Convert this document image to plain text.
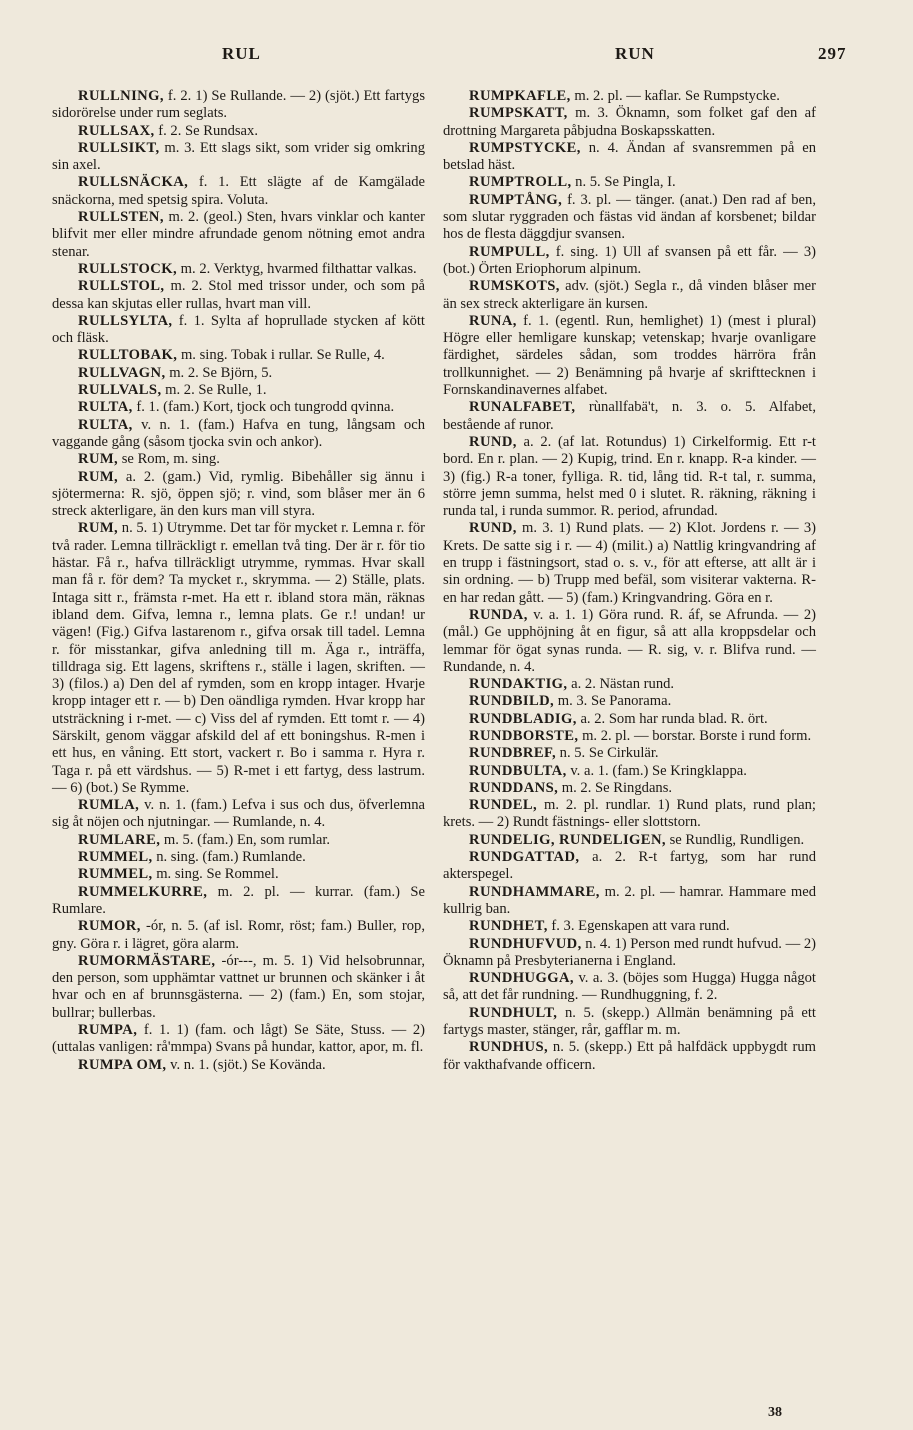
RUL	RUN	297

RULLNING, f. 2. 1) Se Rullande. — 2) (sjöt.) Ett fartygs sidorörelse under rum seglats.

RULLSAX, f. 2. Se Rundsax.

RULLSIKT, m. 3. Ett slags sikt, som vrider sig omkring sin axel.

RULLSNÄCKA, f. 1. Ett slägte af de Kamgälade snäckorna, med spetsig spira. Voluta.

RULLSTEN, m. 2. (geol.) Sten, hvars vinklar och kanter blifvit mer eller mindre afrundade genom nötning emot andra stenar.

RULLSTOCK, m. 2. Verktyg, hvarmed filthattar valkas.

RULLSTOL, m. 2. Stol med trissor under, och som på dessa kan skjutas eller rullas, hvart man vill.

RULLSYLTA, f. 1. Sylta af hoprullade stycken af kött och fläsk.

RULLTOBAK, m. sing. Tobak i rullar. Se Rulle, 4.

RULLVAGN, m. 2. Se Björn, 5.

RULLVALS, m. 2. Se Rulle, 1.

RULTA, f. 1. (fam.) Kort, tjock och tungrodd qvinna.

RULTA, v. n. 1. (fam.) Hafva en tung, långsam och vaggande gång (såsom tjocka svin och ankor).

RUM, se Rom, m. sing.

RUM, a. 2. (gam.) Vid, rymlig. Bibehåller sig ännu i sjötermerna: R. sjö, öppen sjö; r. vind, som blåser mer än 6 streck akterligare, än den kurs man vill styra.

RUM, n. 5. 1) Utrymme. Det tar för mycket r. Lemna r. för två rader. Lemna tillräckligt r. emellan två ting. Der är r. för tio hästar. Få r., hafva tillräckligt utrymme, rymmas. Hvar skall man få r. för dem? Ta mycket r., skrymma. — 2) Ställe, plats. Intaga sitt r., främsta r-met. Ha ett r. ibland stora män, räknas ibland dem. Gifva, lemna r., lemna plats. Ge r.! undan! ur vägen! (Fig.) Gifva lastarenom r., gifva orsak till tadel. Lemna r. för misstankar, gifva anledning till m. Äga r., inträffa, tilldraga sig. Ett lagens, skriftens r., ställe i lagen, skriften. — 3) (filos.) a) Den del af rymden, som en kropp intager. Hvarje kropp intager ett r. — b) Den oändliga rymden. Hvar kropp har utsträckning i r-met. — c) Viss del af rymden. Ett tomt r. — 4) Särskilt, genom väggar afskild del af ett boningshus. R-men i ett hus, en våning. Ett stort, vackert r. Bo i samma r. Hyra r. Taga r. på ett värdshus. — 5) R-met i ett fartyg, dess lastrum. — 6) (bot.) Se Rymme.

RUMLA, v. n. 1. (fam.) Lefva i sus och dus, öfverlemna sig åt nöjen och njutningar. — Rumlande, n. 4.

RUMLARE, m. 5. (fam.) En, som rumlar.

RUMMEL, n. sing. (fam.) Rumlande.

RUMMEL, m. sing. Se Rommel.

RUMMELKURRE, m. 2. pl. — kurrar. (fam.) Se Rumlare.

RUMOR, -ór, n. 5. (af isl. Romr, röst; fam.) Buller, rop, gny. Göra r. i lägret, göra alarm.

RUMORMÄSTARE, -ór---, m. 5. 1) Vid helsobrunnar, den person, som upphämtar vattnet ur brunnen och skänker i åt hvar och en af brunnsgästerna. — 2) (fam.) En, som stojar, bullrar; bullerbas.

RUMPA, f. 1. 1) (fam. och lågt) Se Säte, Stuss. — 2) (uttalas vanligen: rå'mmpa) Svans på hundar, kattor, apor, m. fl.

RUMPA OM, v. n. 1. (sjöt.) Se Kovända.

RUMPKAFLE, m. 2. pl. — kaflar. Se Rumpstycke.

RUMPSKATT, m. 3. Öknamn, som folket gaf den af drottning Margareta påbjudna Boskapsskatten.

RUMPSTYCKE, n. 4. Ändan af svansremmen på en betslad häst.

RUMPTROLL, n. 5. Se Pingla, I.

RUMPTÅNG, f. 3. pl. — tänger. (anat.) Den rad af ben, som slutar ryggraden och fästas vid ändan af korsbenet; bildar hos de flesta däggdjur svansen.

RUMPULL, f. sing. 1) Ull af svansen på ett får. — 3) (bot.) Örten Eriophorum alpinum.

RUMSKOTS, adv. (sjöt.) Segla r., då vinden blåser mer än sex streck akterligare än kursen.

RUNA, f. 1. (egentl. Run, hemlighet) 1) (mest i plural) Högre eller hemligare kunskap; vetenskap; hvarje ovanligare färdighet, särdeles sådan, som troddes härröra från trollkunnighet. — 2) Benämning på hvarje af skrifttecknen i Fornskandinavernes alfabet.

RUNALFABET, rùnallfabä't, n. 3. o. 5. Alfabet, bestående af runor.

RUND, a. 2. (af lat. Rotundus) 1) Cirkelformig. Ett r-t bord. En r. plan. — 2) Kupig, trind. En r. knapp. R-a kinder. — 3) (fig.) R-a toner, fylliga. R. tid, lång tid. R-t tal, r. summa, större jemn summa, helst med 0 i slutet. R. räkning, räkning i runda tal, i runda summor. R. period, afrundad.

RUND, m. 3. 1) Rund plats. — 2) Klot. Jordens r. — 3) Krets. De satte sig i r. — 4) (milit.) a) Nattlig kringvandring af en trupp i fästningsort, stad o. s. v., för att efterse, att allt är i sin ordning. — b) Trupp med befäl, som visiterar vakterna. R-en har redan gått. — 5) (fam.) Kringvandring. Göra en r.

RUNDA, v. a. 1. 1) Göra rund. R. áf, se Afrunda. — 2) (mål.) Ge upphöjning åt en figur, så att alla kroppsdelar och lemmar för ögat synas runda. — R. sig, v. r. Blifva rund. — Rundande, n. 4.

RUNDAKTIG, a. 2. Nästan rund.

RUNDBILD, m. 3. Se Panorama.

RUNDBLADIG, a. 2. Som har runda blad. R. ört.

RUNDBORSTE, m. 2. pl. — borstar. Borste i rund form.

RUNDBREF, n. 5. Se Cirkulär.

RUNDBULTA, v. a. 1. (fam.) Se Kringklappa.

RUNDDANS, m. 2. Se Ringdans.

RUNDEL, m. 2. pl. rundlar. 1) Rund plats, rund plan; krets. — 2) Rundt fästnings- eller slottstorn.

RUNDELIG, RUNDELIGEN, se Rundlig, Rundligen.

RUNDGATTAD, a. 2. R-t fartyg, som har rund akterspegel.

RUNDHAMMARE, m. 2. pl. — hamrar. Hammare med kullrig ban.

RUNDHET, f. 3. Egenskapen att vara rund.

RUNDHUFVUD, n. 4. 1) Person med rundt hufvud. — 2) Öknamn på Presbyterianerna i England.

RUNDHUGGA, v. a. 3. (böjes som Hugga) Hugga något så, att det får rundning. — Rundhuggning, f. 2.

RUNDHULT, n. 5. (skepp.) Allmän benämning på ett fartygs master, stänger, rår, gafflar m. m.

RUNDHUS, n. 5. (skepp.) Ett på halfdäck uppbygdt rum för vakthafvande officern.

38
